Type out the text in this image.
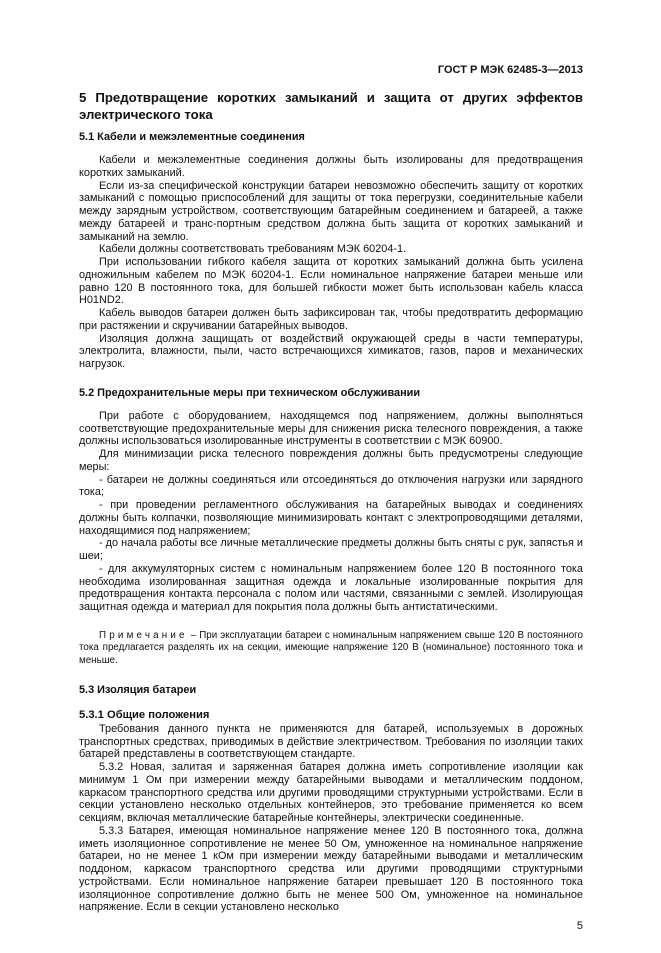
ГОСТ Р МЭК 62485-3—2013
5 Предотвращение коротких замыканий и защита от других эффектов электрического тока
5.1 Кабели и межэлементные соединения

Кабели и межэлементные соединения должны быть изолированы для предотвращения коротких замыканий.

Если из-за специфической конструкции батареи невозможно обеспечить защиту от коротких замыканий с помощью приспособлений для защиты от тока перегрузки, соединительные кабели между зарядным устройством, соответствующим батарейным соединением и батареей, а также между батареей и транс-портным средством должна быть защита от коротких замыканий и замыканий на землю.

Кабели должны соответствовать требованиям МЭК 60204-1.

При использовании гибкого кабеля защита от коротких замыканий должна быть усилена одножильным кабелем по МЭК 60204-1. Если номинальное напряжение батареи меньше или равно 120 В постоянного тока, для большей гибкости может быть использован кабель класса H01ND2.

Кабель выводов батареи должен быть зафиксирован так, чтобы предотвратить деформацию при растяжении и скручивании батарейных выводов.

Изоляция должна защищать от воздействий окружающей среды в части температуры, электролита, влажности, пыли, часто встречающихся химикатов, газов, паров и механических нагрузок.

5.2 Предохранительные меры при техническом обслуживании

При работе с оборудованием, находящемся под напряжением, должны выполняться соответствующие предохранительные меры для снижения риска телесного повреждения, а также должны использоваться изолированные инструменты в соответствии с МЭК 60900.

Для минимизации риска телесного повреждения должны быть предусмотрены следующие меры:

- батареи не должны соединяться или отсоединяться до отключения нагрузки или зарядного тока;

- при проведении регламентного обслуживания на батарейных выводах и соединениях должны быть колпачки, позволяющие минимизировать контакт с электропроводящими деталями, находящимися под напряжением;

- до начала работы все личные металлические предметы должны быть сняты с рук, запястья и шеи;

- для аккумуляторных систем с номинальным напряжением более 120 В постоянного тока необходима изолированная защитная одежда и локальные изолированные покрытия для предотвращения контакта персонала с полом или частями, связанными с землей. Изолирующая защитная одежда и материал для покрытия пола должны быть антистатическими.

Примечание – При эксплуатации батареи с номинальным напряжением свыше 120 В постоянного тока предлагается разделять их на секции, имеющие напряжение 120 В (номинальное) постоянного тока и меньше.
5.3 Изоляция батареи
5.3.1 Общие положения

Требования данного пункта не применяются для батарей, используемых в дорожных транспортных средствах, приводимых в действие электричеством. Требования по изоляции таких батарей представлены в соответствующем стандарте.

5.3.2 Новая, залитая и заряженная батарея должна иметь сопротивление изоляции как минимум 1 Ом при измерении между батарейными выводами и металлическим поддоном, каркасом транспортного средства или другими проводящими структурными устройствами. Если в секции установлено несколько отдельных контейнеров, это требование применяется ко всем секциям, включая металлические батарейные контейнеры, электрически соединенные.

5.3.3 Батарея, имеющая номинальное напряжение менее 120 В постоянного тока, должна иметь изоляционное сопротивление не менее 50 Ом, умноженное на номинальное напряжение батареи, но не менее 1 кОм при измерении между батарейными выводами и металлическим поддоном, каркасом транспортного средства или другими проводящими структурными устройствами. Если номинальное напряжение батареи превышает 120 В постоянного тока изоляционное сопротивление должно быть не менее 500 Ом, умноженное на номинальное напряжение. Если в секции установлено несколько

5
